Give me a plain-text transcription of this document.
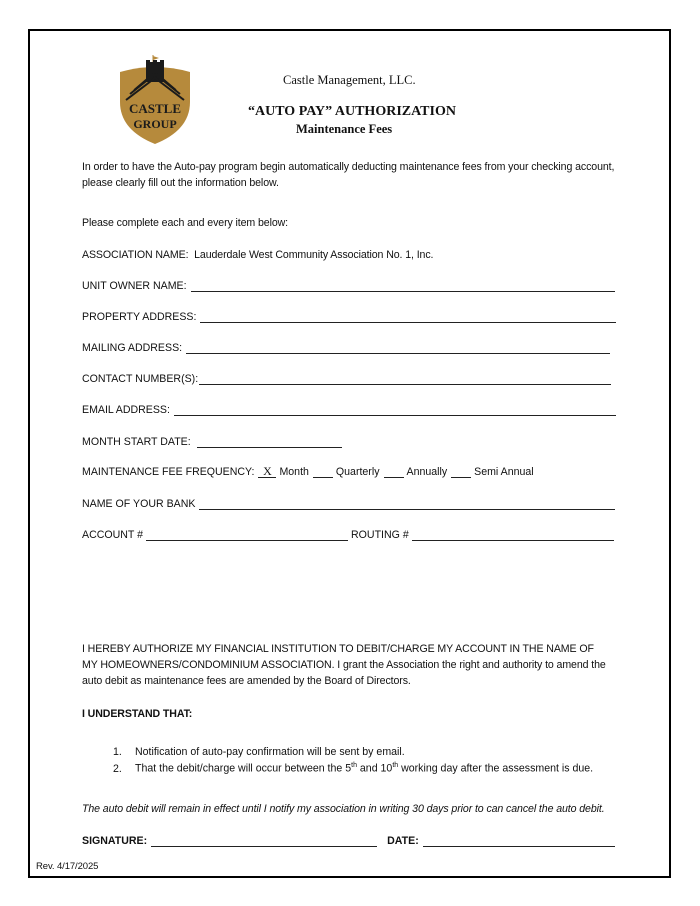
CASTLE
GROUP
Castle Management, LLC.
“AUTO PAY” AUTHORIZATION
Maintenance Fees
In order to have the Auto-pay program begin automatically deducting maintenance fees from your checking account,
please clearly fill out the information below.
Please complete each and every item below:
ASSOCIATION NAME: Lauderdale West Community Association No. 1, Inc.
UNIT OWNER NAME:
PROPERTY ADDRESS:
MAILING ADDRESS:
CONTACT NUMBER(S):
EMAIL ADDRESS:
MONTH START DATE:
MAINTENANCE FEE FREQUENCY: X Month	Quarterly	Annually	Semi Annual
NAME OF YOUR BANK
ACCOUNT #	ROUTING #
I HEREBY AUTHORIZE MY FINANCIAL INSTITUTION TO DEBIT/CHARGE MY ACCOUNT IN THE NAME OF
MY HOMEOWNERS/CONDOMINIUM ASSOCIATION. I grant the Association the right and authority to amend the
auto debit as maintenance fees are amended by the Board of Directors.
I UNDERSTAND THAT:
1. Notification of auto-pay confirmation will be sent by email.
2. That the debit/charge will occur between the 5th and 10th working day after the assessment is due.
The auto debit will remain in effect until I notify my association in writing 30 days prior to can cancel the auto debit.
SIGNATURE:	DATE:
Rev. 4/17/2025
